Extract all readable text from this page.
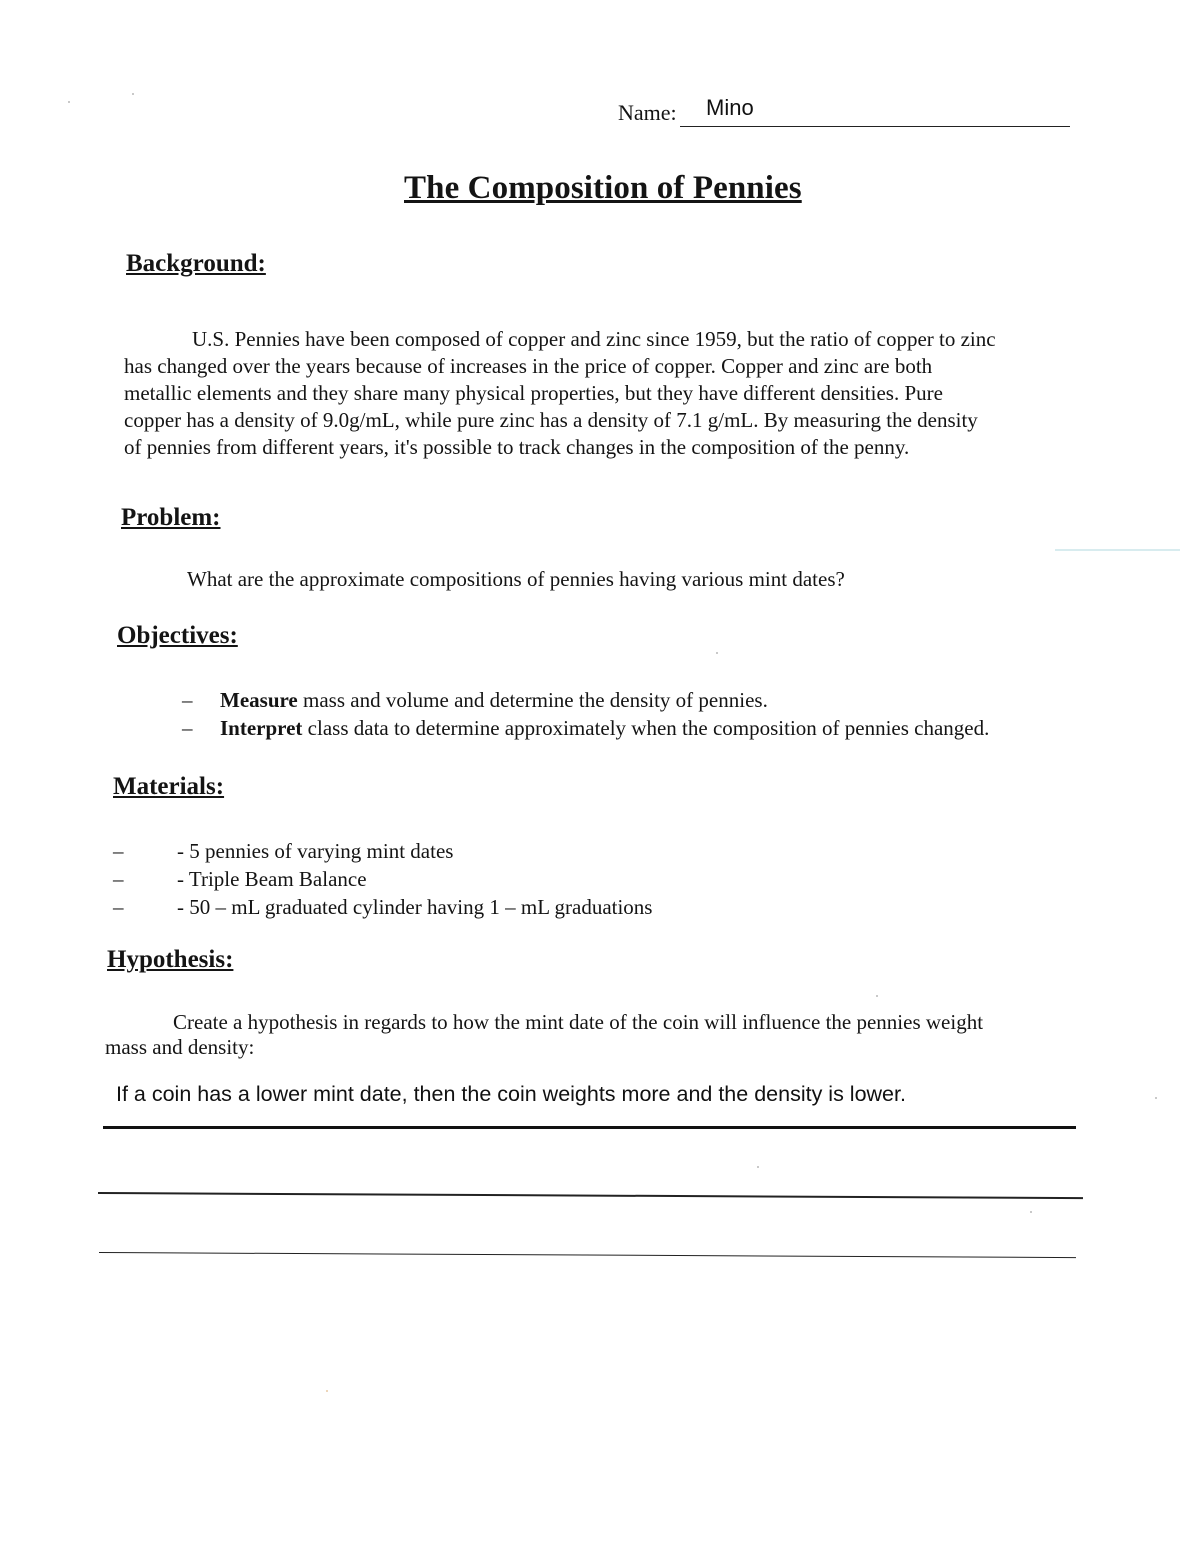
Name: Mino
The Composition of Pennies
Background:

U.S. Pennies have been composed of copper and zinc since 1959, but the ratio of copper to zinc

has changed over the years because of increases in the price of copper. Copper and zinc are both

metallic elements and they share many physical properties, but they have different densities. Pure

copper has a density of 9.0g/mL, while pure zinc has a density of 7.1 g/mL. By measuring the density

of pennies from different years, it's possible to track changes in the composition of the penny.

Problem:
What are the approximate compositions of pennies having various mint dates?
Objectives:
–	Measure mass and volume and determine the density of pennies.
–	Interpret class data to determine approximately when the composition of pennies changed.
Materials:
–
–
–
- 5 pennies of varying mint dates
- Triple Beam Balance
- 50 – mL graduated cylinder having 1 – mL graduations
Hypothesis:
Create a hypothesis in regards to how the mint date of the coin will influence the pennies weight
mass and density:
If a coin has a lower mint date, then the coin weights more and the density is lower.
